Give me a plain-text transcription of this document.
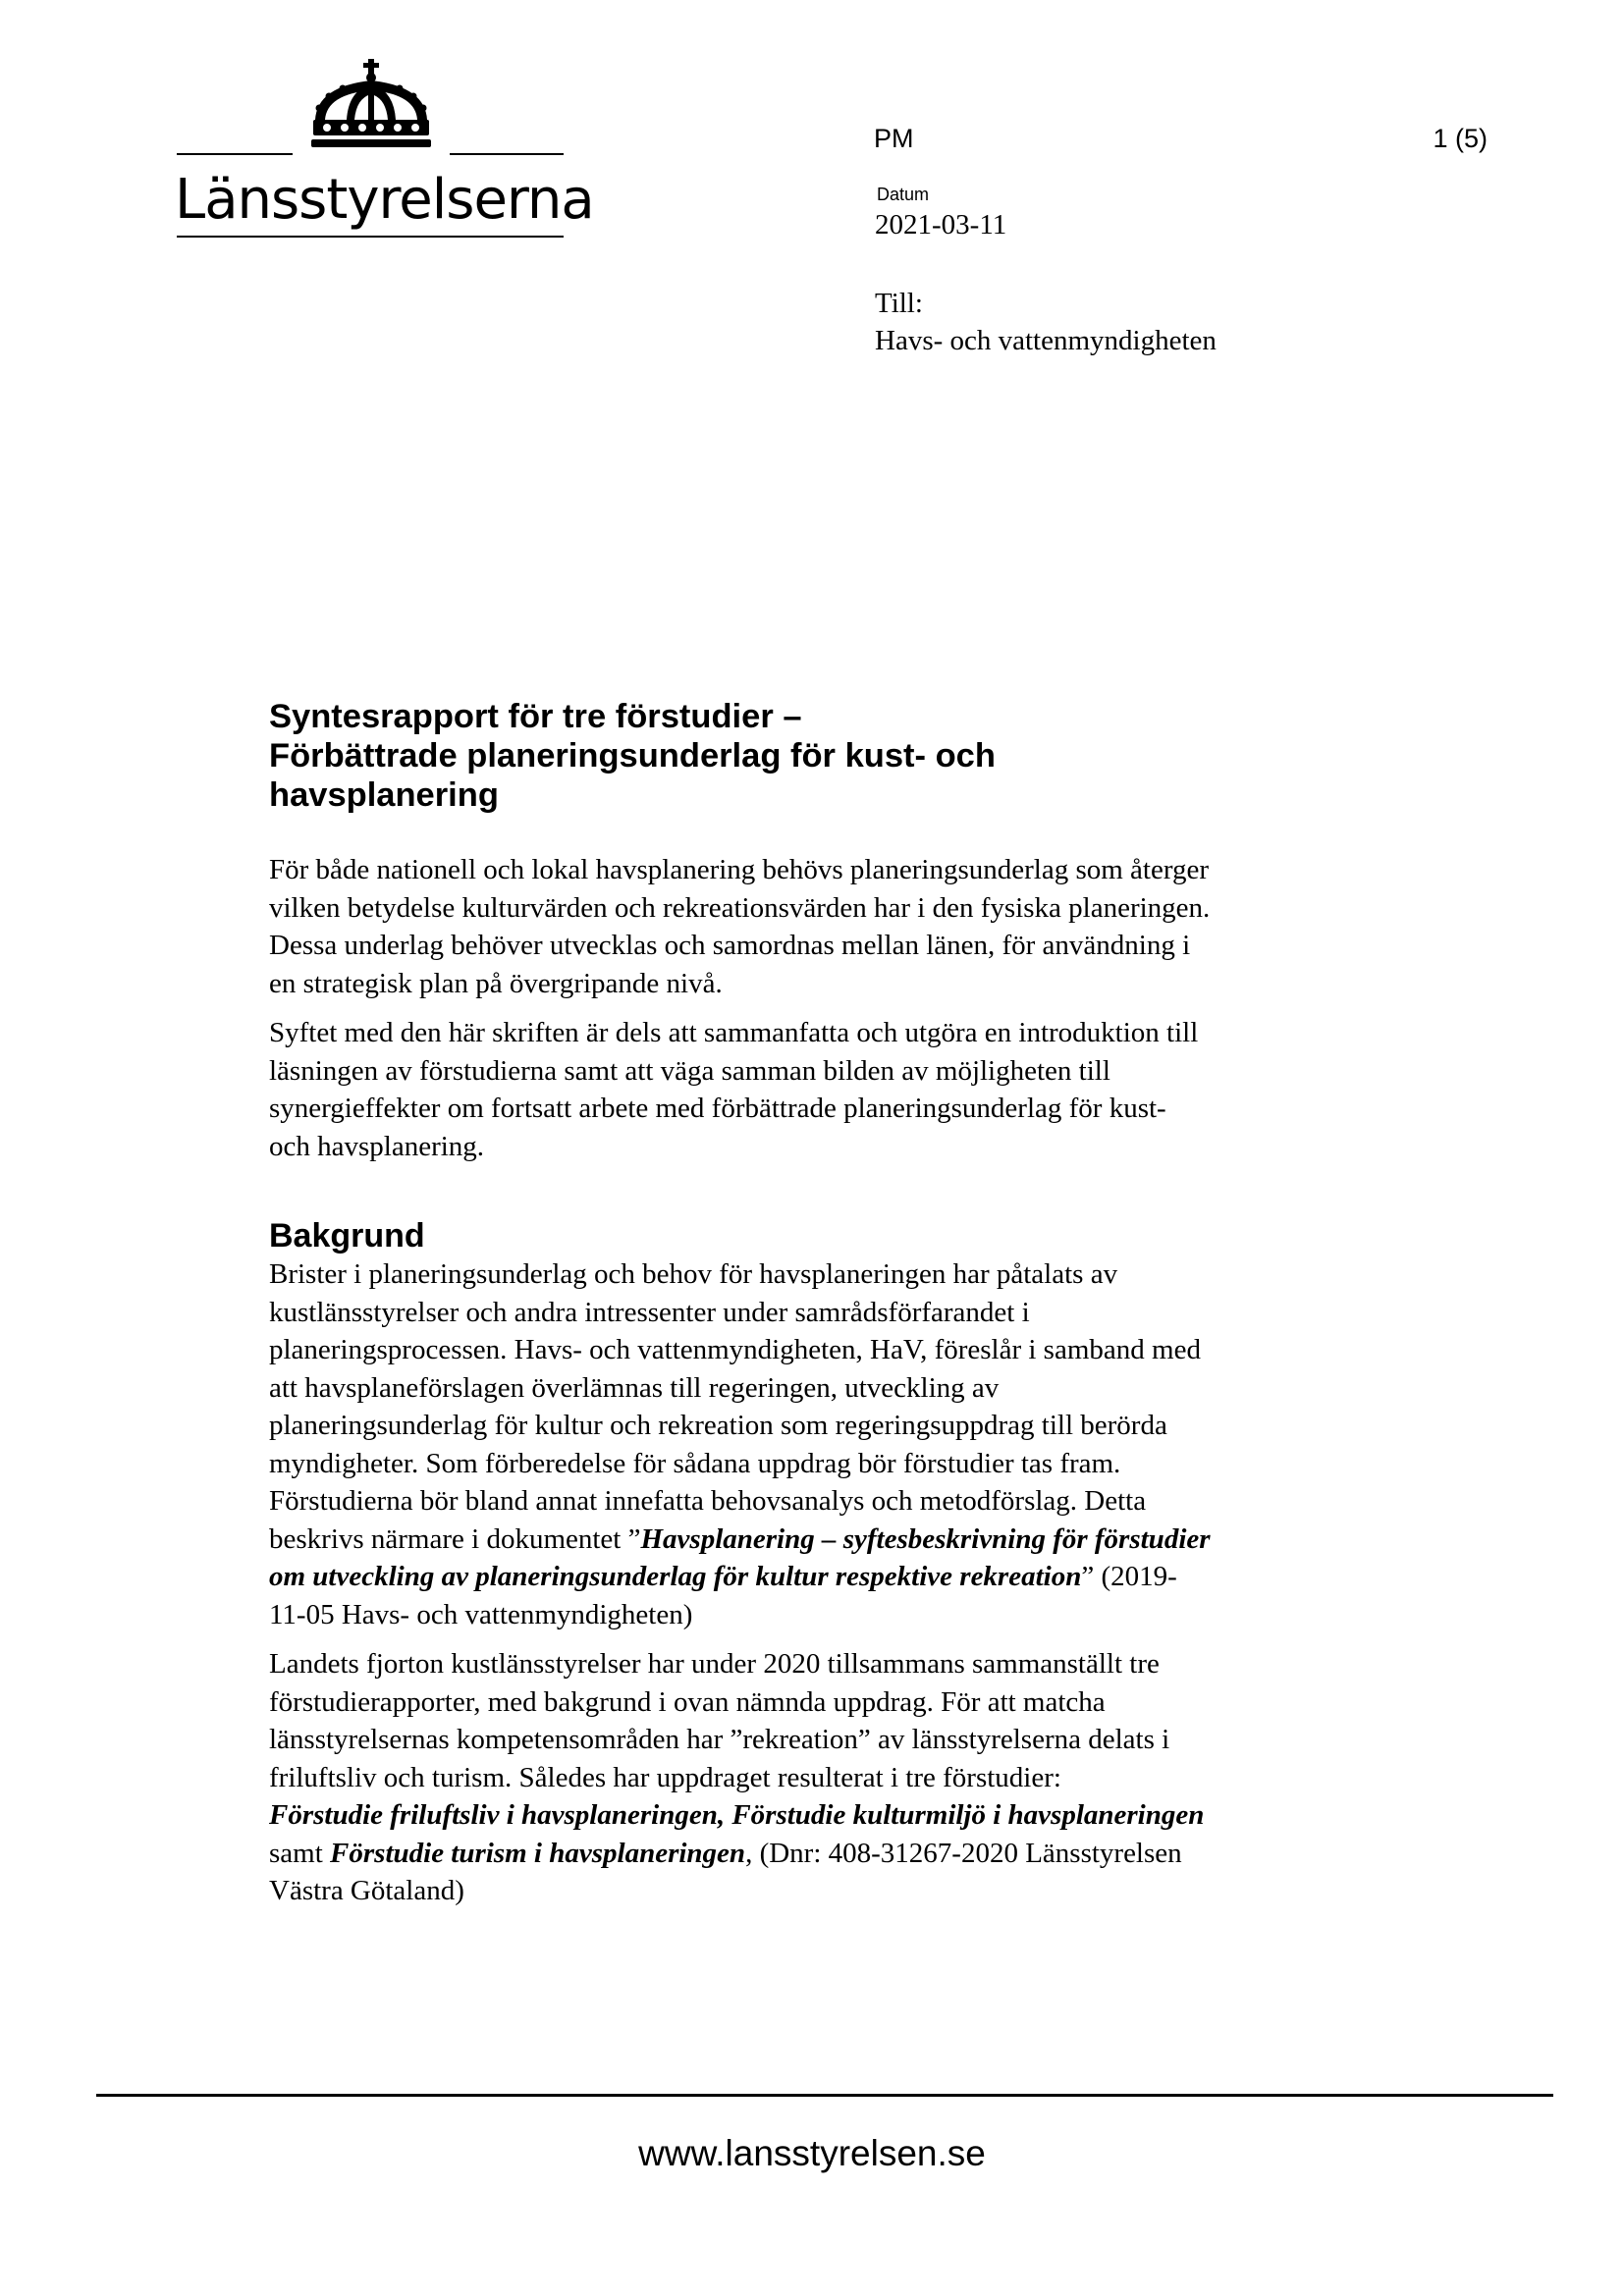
Länsstyrelserna
PM	1 (5)
Datum
2021-03-11
Till:
Havs- och vattenmyndigheten
Syntesrapport för tre förstudier –
Förbättrade planeringsunderlag för kust- och
havsplanering
För både nationell och lokal havsplanering behövs planeringsunderlag som återger
vilken betydelse kulturvärden och rekreationsvärden har i den fysiska planeringen.
Dessa underlag behöver utvecklas och samordnas mellan länen, för användning i
en strategisk plan på övergripande nivå.
Syftet med den här skriften är dels att sammanfatta och utgöra en introduktion till
läsningen av förstudierna samt att väga samman bilden av möjligheten till
synergieffekter om fortsatt arbete med förbättrade planeringsunderlag för kust-
och havsplanering.
Bakgrund
Brister i planeringsunderlag och behov för havsplaneringen har påtalats av
kustlänsstyrelser och andra intressenter under samrådsförfarandet i
planeringsprocessen. Havs- och vattenmyndigheten, HaV, föreslår i samband med
att havsplaneförslagen överlämnas till regeringen, utveckling av
planeringsunderlag för kultur och rekreation som regeringsuppdrag till berörda
myndigheter. Som förberedelse för sådana uppdrag bör förstudier tas fram.
Förstudierna bör bland annat innefatta behovsanalys och metodförslag. Detta
beskrivs närmare i dokumentet ”Havsplanering – syftesbeskrivning för förstudier
om utveckling av planeringsunderlag för kultur respektive rekreation” (2019-
11-05 Havs- och vattenmyndigheten)
Landets fjorton kustlänsstyrelser har under 2020 tillsammans sammanställt tre
förstudierapporter, med bakgrund i ovan nämnda uppdrag. För att matcha
länsstyrelsernas kompetensområden har ”rekreation” av länsstyrelserna delats i
friluftsliv och turism. Således har uppdraget resulterat i tre förstudier:
Förstudie friluftsliv i havsplaneringen, Förstudie kulturmiljö i havsplaneringen
samt Förstudie turism i havsplaneringen, (Dnr: 408-31267-2020 Länsstyrelsen
Västra Götaland)
www.lansstyrelsen.se
